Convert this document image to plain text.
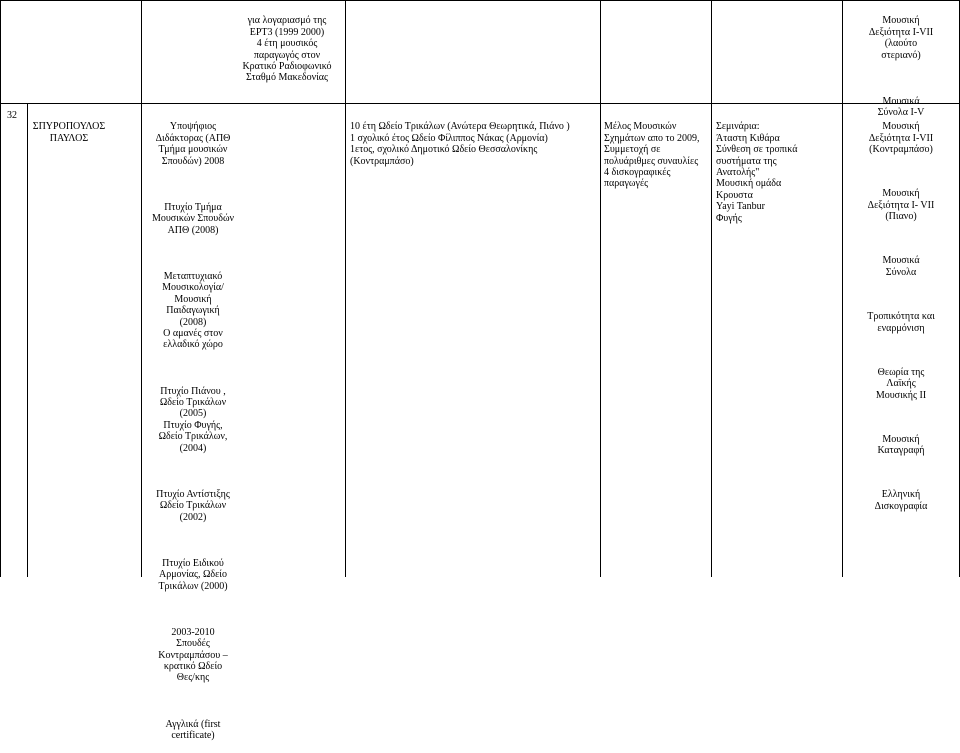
για λογαριασμό της
ΕΡΤ3 (1999 2000)
4 έτη μουσικός
παραγωγός στον
Κρατικό Ραδιοφωνικό
Σταθμό Μακεδονίας

Μουσική
Δεξιότητα I-VII
(λαούτο
στεριανό)

Μουσικά
Σύνολα I-V

32

ΣΠΥΡΟΠΟΥΛΟΣ
ΠΑΥΛΟΣ

Υποψήφιος
Διδάκτορας (ΑΠΘ
Τμήμα μουσικών
Σπουδών) 2008

Πτυχίο Τμήμα
Μουσικών Σπουδών
ΑΠΘ (2008)

Μεταπτυχιακό
Μουσικολογία/
Μουσική
Παιδαγωγική
(2008)
Ο αμανές στον
ελλαδικό χώρο

Πτυχίο Πιάνου ,
Ωδείο Τρικάλων
(2005)
Πτυχίο Φυγής,
Ωδείο Τρικάλων,
(2004)

Πτυχίο Αντίστιξης
Ωδείο Τρικάλων
(2002)

Πτυχίο Ειδικού
Αρμονίας, Ωδείο
Τρικάλων (2000)

2003-2010
Σπουδές
Κοντραμπάσου –
κρατικό Ωδείο
Θες/κης

Αγγλικά (first
certificate)

10 έτη Ωδείο Τρικάλων (Ανώτερα Θεωρητικά, Πιάνο )
1 σχολικό έτος Ωδείο Φίλιππος Νάκας (Αρμονία)
1ετος, σχολικό Δημοτικό Ωδείο Θεσσαλονίκης
(Κοντραμπάσο)

Μέλος Μουσικών
Σχημάτων απο το 2009,
Συμμετοχή σε
πολυάριθμες συναυλίες
4 δισκογραφικές
παραγωγές

Σεμινάρια:
Άταστη Κιθάρα
Σύνθεση σε τροπικά
συστήματα της
Ανατολής"
Μουσική ομάδα
Κρουστα
Yayi Tanbur
Φυγής

Μουσική
Δεξιότητα I-VII
(Κοντραμπάσο)

Μουσική
Δεξιότητα I- VII
(Πιανο)

Μουσικά
Σύνολα

Τροπικότητα και
εναρμόνιση

Θεωρία της
Λαϊκής
Μουσικής ΙΙ

Μουσική
Καταγραφή

Ελληνική
Δισκογραφία
